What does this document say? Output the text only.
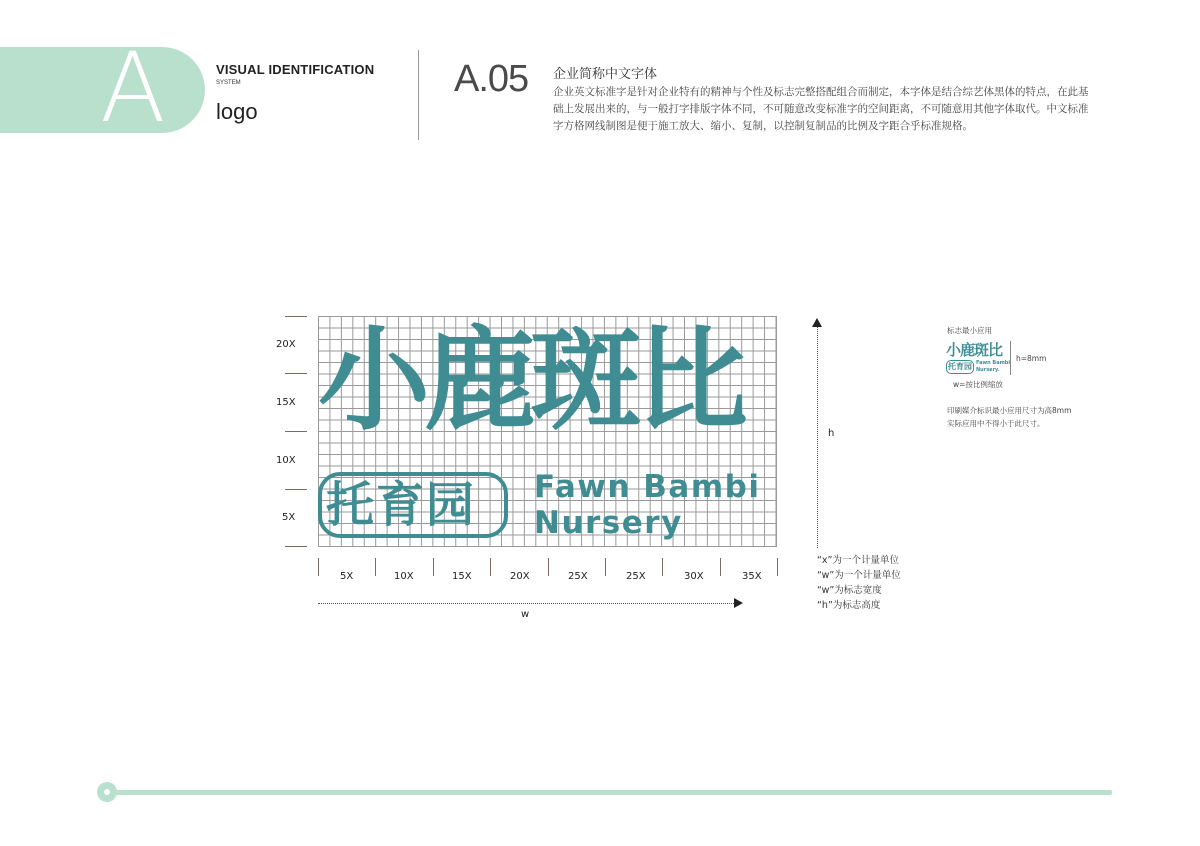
A	VISUAL IDENTIFICATION
SYSTEM
logo
A.05 企业简称中文字体
企业英文标准字是针对企业特有的精神与个性及标志完整搭配组合而制定，本字体是结合综艺体黑体的特点，在此基础上发展出来的，与一般打字排版字体不同，不可随意改变标准字的空间距离，不可随意用其他字体取代。中文标准字方格网线制图是便于施工放大、缩小、复制，以控制复制品的比例及字距合乎标准规格。
小鹿斑比
托育园 Fawn Bambi
Nursery
20X
15X
10X
5X
5X	10X	15X	20X	25X	25X	30X	35X
w
h
“x”为一个计量单位
“w”为一个计量单位
“w”为标志宽度
“h”为标志高度
标志最小应用
小鹿斑比
托育园 Fawn Bambi
Nursery.
h=8mm
w=按比例缩放
印刷媒介标识最小应用尺寸为高8mm
实际应用中不得小于此尺寸。
